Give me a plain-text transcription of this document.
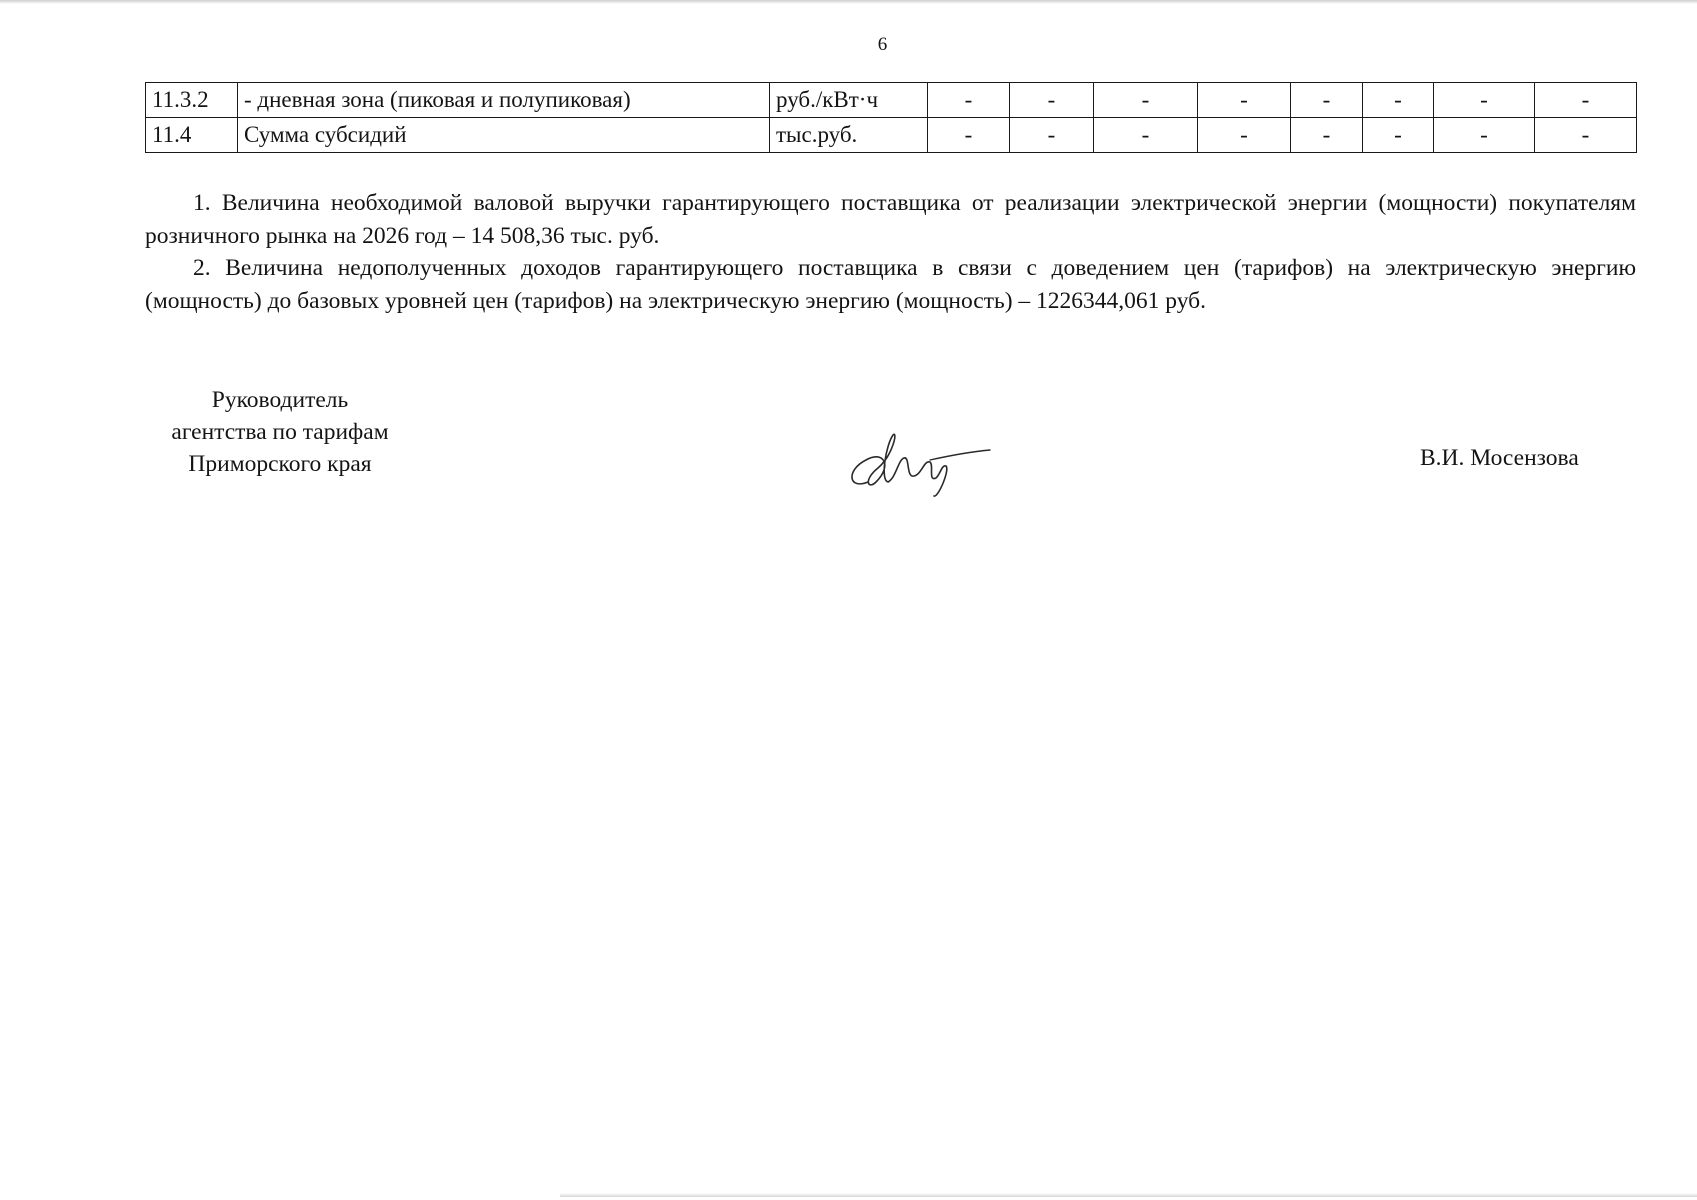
6
11.3.2	- дневная зона (пиковая и полупиковая)	руб./кВт·ч	-	-	-	-	-	-	-	-
11.4	Сумма субсидий	тыс.руб.	-	-	-	-	-	-	-	-
1. Величина необходимой валовой выручки гарантирующего поставщика от реализации электрической энергии (мощности) покупателям розничного рынка на 2026 год – 14 508,36 тыс. руб.
2. Величина недополученных доходов гарантирующего поставщика в связи с доведением цен (тарифов) на электрическую энергию (мощность) до базовых уровней цен (тарифов) на электрическую энергию (мощность) – 1226344,061 руб.
Руководитель
агентства по тарифам
Приморского края	В.И. Мосензова
